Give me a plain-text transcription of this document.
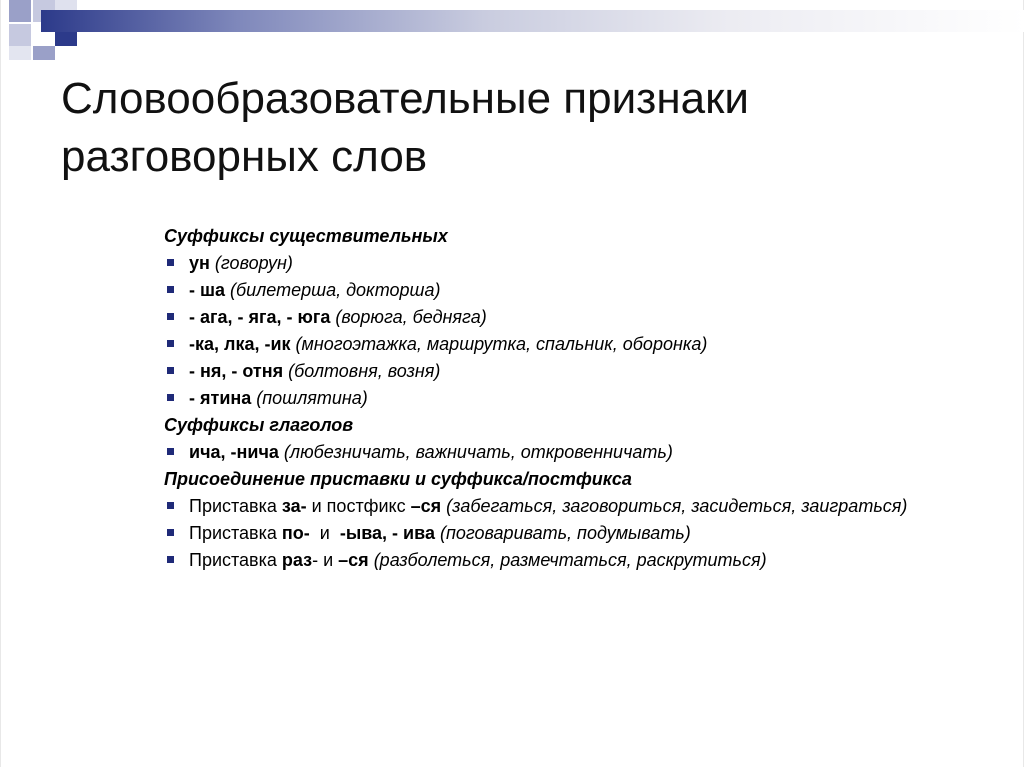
Словообразовательные признаки разговорных слов

Суффиксы существительных

ун (говорун)
- ша (билетерша, докторша)
- ага, - яга, - юга (ворюга, бедняга)
-ка, лка, -ик (многоэтажка, маршрутка, спальник, оборонка)
- ня, - отня (болтовня, возня)
- ятина (пошлятина)

Суффиксы глаголов

ича, -нича (любезничать, важничать, откровенничать)

Присоединение приставки и суффикса/постфикса

Приставка за- и постфикс –ся (забегаться, заговориться, засидеться, заиграться)
Приставка по-  и  -ыва, - ива (поговаривать, подумывать)
Приставка раз- и –ся (разболеться, размечтаться, раскрутиться)
